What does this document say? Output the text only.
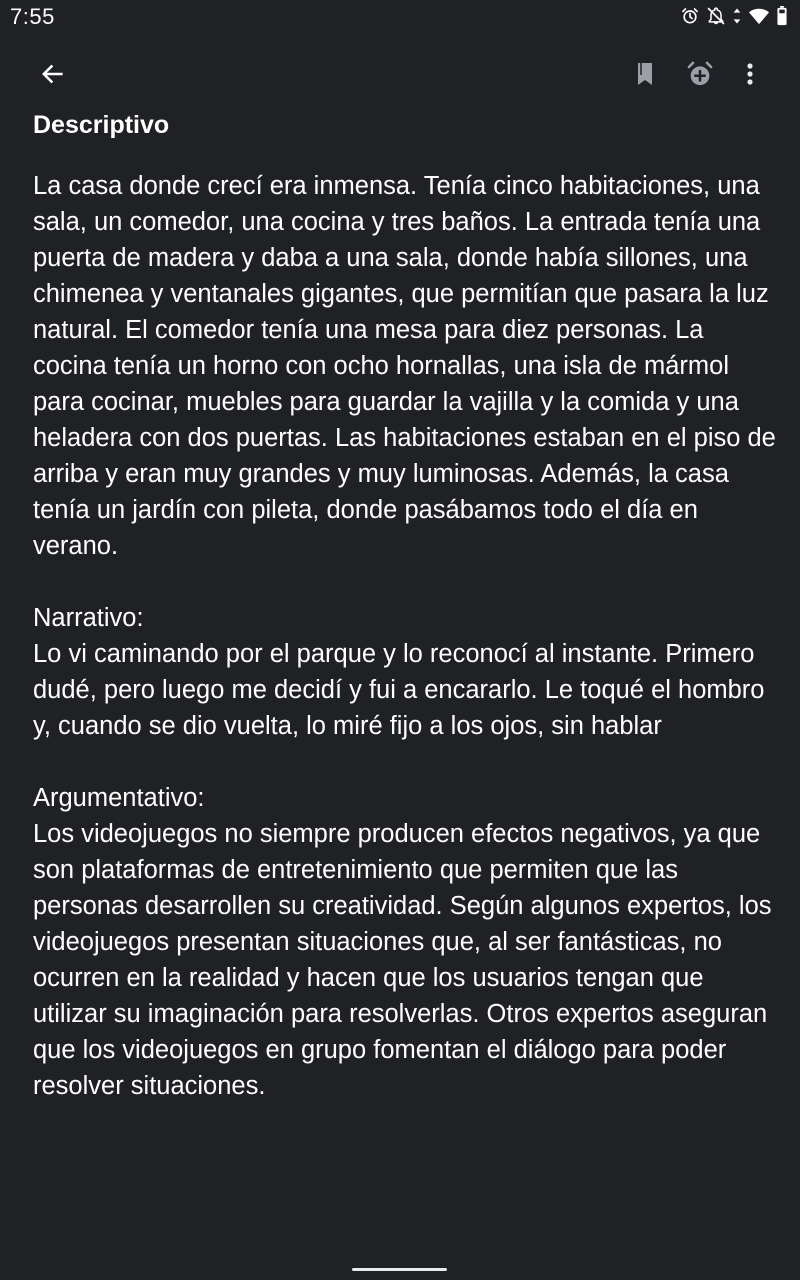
7:55
Descriptivo

La casa donde crecí era inmensa. Tenía cinco habitaciones, una sala, un comedor, una cocina y tres baños. La entrada tenía una puerta de madera y daba a una sala, donde había sillones, una chimenea y ventanales gigantes, que permitían que pasara la luz natural. El comedor tenía una mesa para diez personas. La cocina tenía un horno con ocho hornallas, una isla de mármol para cocinar, muebles para guardar la vajilla y la comida y una heladera con dos puertas. Las habitaciones estaban en el piso de arriba y eran muy grandes y muy luminosas. Además, la casa tenía un jardín con pileta, donde pasábamos todo el día en verano.

Narrativo:
Lo vi caminando por el parque y lo reconocí al instante. Primero dudé, pero luego me decidí y fui a encararlo. Le toqué el hombro y, cuando se dio vuelta, lo miré fijo a los ojos, sin hablar

Argumentativo:
Los videojuegos no siempre producen efectos negativos, ya que son plataformas de entretenimiento que permiten que las personas desarrollen su creatividad. Según algunos expertos, los videojuegos presentan situaciones que, al ser fantásticas, no ocurren en la realidad y hacen que los usuarios tengan que utilizar su imaginación para resolverlas. Otros expertos aseguran que los videojuegos en grupo fomentan el diálogo para poder resolver situaciones.
